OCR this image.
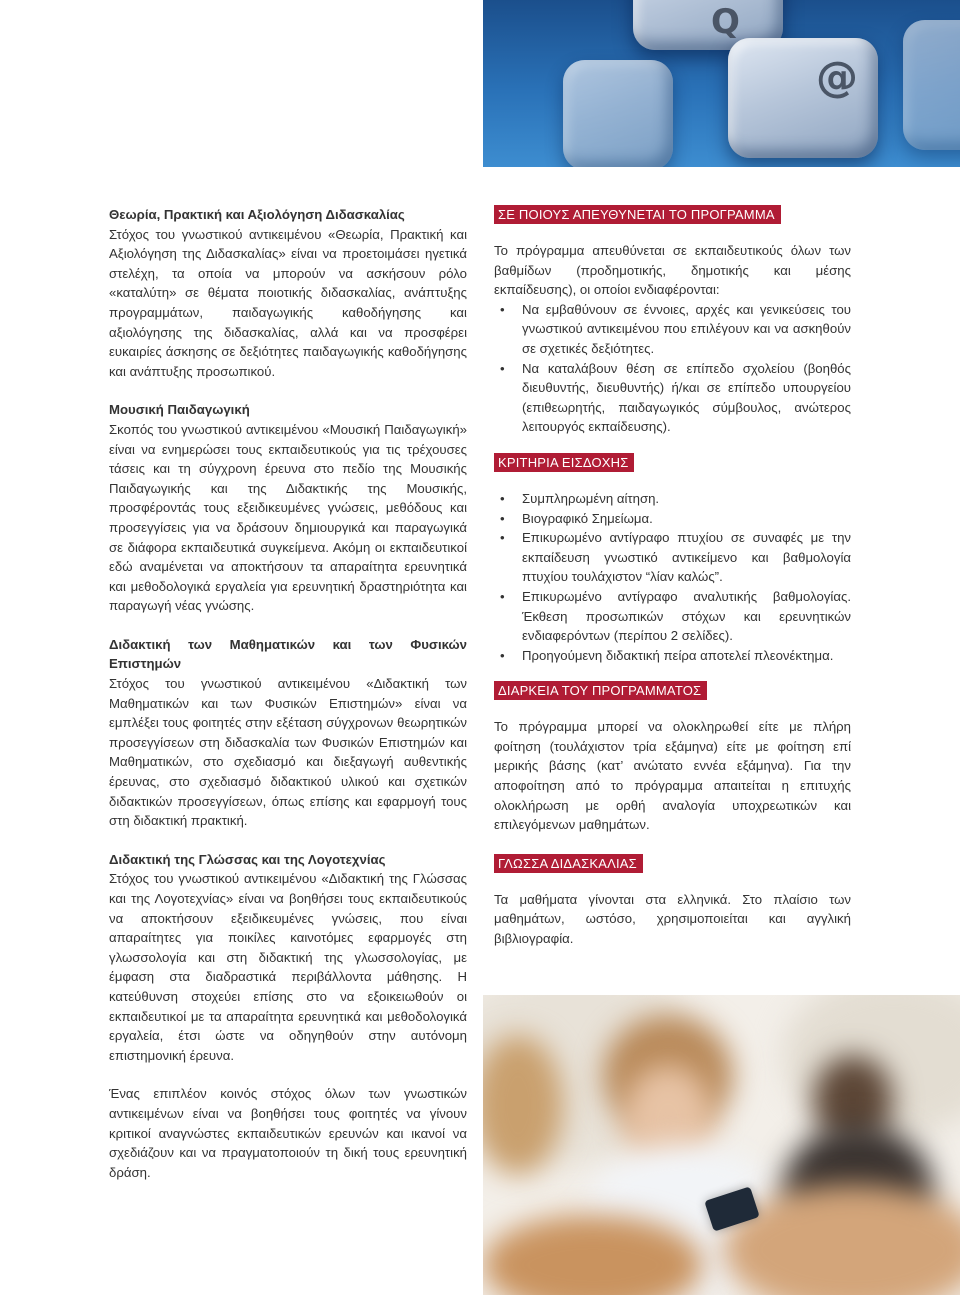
Q
@
Θεωρία, Πρακτική και Αξιολόγηση Διδασκαλίας

Στόχος του γνωστικού αντικειμένου «Θεωρία, Πρακτική και Αξιολόγηση της Διδασκαλίας» είναι να προετοιμάσει ηγετικά στελέχη, τα οποία να μπορούν να ασκήσουν ρόλο «καταλύτη» σε θέματα ποιοτικής διδασκαλίας, ανάπτυξης προγραμμάτων, παιδαγωγικής καθοδήγησης και αξιολόγησης της διδασκαλίας, αλλά και να προσφέρει ευκαιρίες άσκησης σε δεξιότητες παιδαγωγικής καθοδήγησης και ανάπτυξης προσωπικού.

Μουσική Παιδαγωγική

Σκοπός του γνωστικού αντικειμένου «Μουσική Παιδαγωγική» είναι να ενημερώσει τους εκπαιδευτικούς για τις τρέχουσες τάσεις και τη σύγχρονη έρευνα στο πεδίο της Μουσικής Παιδαγωγικής και της Διδακτικής της Μουσικής, προσφέροντάς τους εξειδικευμένες γνώσεις, μεθόδους και προσεγγίσεις για να δράσουν δημιουργικά και παραγωγικά σε διάφορα εκπαιδευτικά συγκείμενα. Ακόμη οι εκπαιδευτικοί εδώ αναμένεται να αποκτήσουν τα απαραίτητα ερευνητικά και μεθοδολογικά εργαλεία για ερευνητική δραστηριότητα και παραγωγή νέας γνώσης.

Διδακτική των Μαθηματικών και των Φυσικών Επιστημών

Στόχος του γνωστικού αντικειμένου «Διδακτική των Μαθηματικών και των Φυσικών Επιστημών» είναι να εμπλέξει τους φοιτητές στην εξέταση σύγχρονων θεωρητικών προσεγγίσεων στη διδασκαλία των Φυσικών Επιστημών και Μαθηματικών, στο σχεδιασμό και διεξαγωγή αυθεντικής έρευνας, στο σχεδιασμό διδακτικού υλικού και σχετικών διδακτικών προσεγγίσεων, όπως επίσης και εφαρμογή τους στη διδακτική πρακτική.

Διδακτική της Γλώσσας και της Λογοτεχνίας

Στόχος του γνωστικού αντικειμένου «Διδακτική της Γλώσσας και της Λογοτεχνίας» είναι να βοηθήσει τους εκπαιδευτικούς να αποκτήσουν εξειδικευμένες γνώσεις, που είναι απαραίτητες για ποικίλες καινοτόμες εφαρμογές στη γλωσσολογία και στη διδακτική της γλωσσολογίας, με έμφαση στα διαδραστικά περιβάλλοντα μάθησης. Η κατεύθυνση στοχεύει επίσης στο να εξοικειωθούν οι εκπαιδευτικοί με τα απαραίτητα ερευνητικά και μεθοδολογικά εργαλεία, έτσι ώστε να οδηγηθούν στην αυτόνομη επιστημονική έρευνα.

Ένας επιπλέον κοινός στόχος όλων των γνωστικών αντικειμένων είναι να βοηθήσει τους φοιτητές να γίνουν κριτικοί αναγνώστες εκπαιδευτικών ερευνών και ικανοί να σχεδιάζουν και να πραγματοποιούν τη δική τους ερευνητική δράση.

ΣΕ ΠΟΙΟΥΣ ΑΠΕΥΘΥΝΕΤΑΙ ΤΟ ΠΡΟΓΡΑΜΜΑ

Το πρόγραμμα απευθύνεται σε εκπαιδευτικούς όλων των βαθμίδων (προδημοτικής, δημοτικής και μέσης εκπαίδευσης), οι οποίοι ενδιαφέρονται:

• Να εμβαθύνουν σε έννοιες, αρχές και γενικεύσεις του γνωστικού αντικειμένου που επιλέγουν και να ασκηθούν σε σχετικές δεξιότητες.
• Να καταλάβουν θέση σε επίπεδο σχολείου (βοηθός διευθυντής, διευθυντής) ή/και σε επίπεδο υπουργείου (επιθεωρητής, παιδαγωγικός σύμβουλος, ανώτερος λειτουργός εκπαίδευσης).
ΚΡΙΤΗΡΙΑ ΕΙΣΔΟΧΗΣ
• Συμπληρωμένη αίτηση.
• Βιογραφικό Σημείωμα.
• Επικυρωμένο αντίγραφο πτυχίου σε συναφές με την εκπαίδευση γνωστικό αντικείμενο και βαθμολογία πτυχίου τουλάχιστον “λίαν καλώς”.
• Επικυρωμένο αντίγραφο αναλυτικής βαθμολογίας. Έκθεση προσωπικών στόχων και ερευνητικών ενδιαφερόντων (περίπου 2 σελίδες).
• Προηγούμενη διδακτική πείρα αποτελεί πλεονέκτημα.
ΔΙΑΡΚΕΙΑ ΤΟΥ ΠΡΟΓΡΑΜΜΑΤΟΣ

Το πρόγραμμα μπορεί να ολοκληρωθεί είτε με πλήρη φοίτηση (τουλάχιστον τρία εξάμηνα) είτε με φοίτηση επί μερικής βάσης (κατ’ ανώτατο εννέα εξάμηνα). Για την αποφοίτηση από το πρόγραμμα απαιτείται η επιτυχής ολοκλήρωση με ορθή αναλογία υποχρεωτικών και επιλεγόμενων μαθημάτων.

ΓΛΩΣΣΑ ΔΙΔΑΣΚΑΛΙΑΣ

Τα μαθήματα γίνονται στα ελληνικά. Στο πλαίσιο των μαθημάτων, ωστόσο, χρησιμοποιείται και αγγλική βιβλιογραφία.
